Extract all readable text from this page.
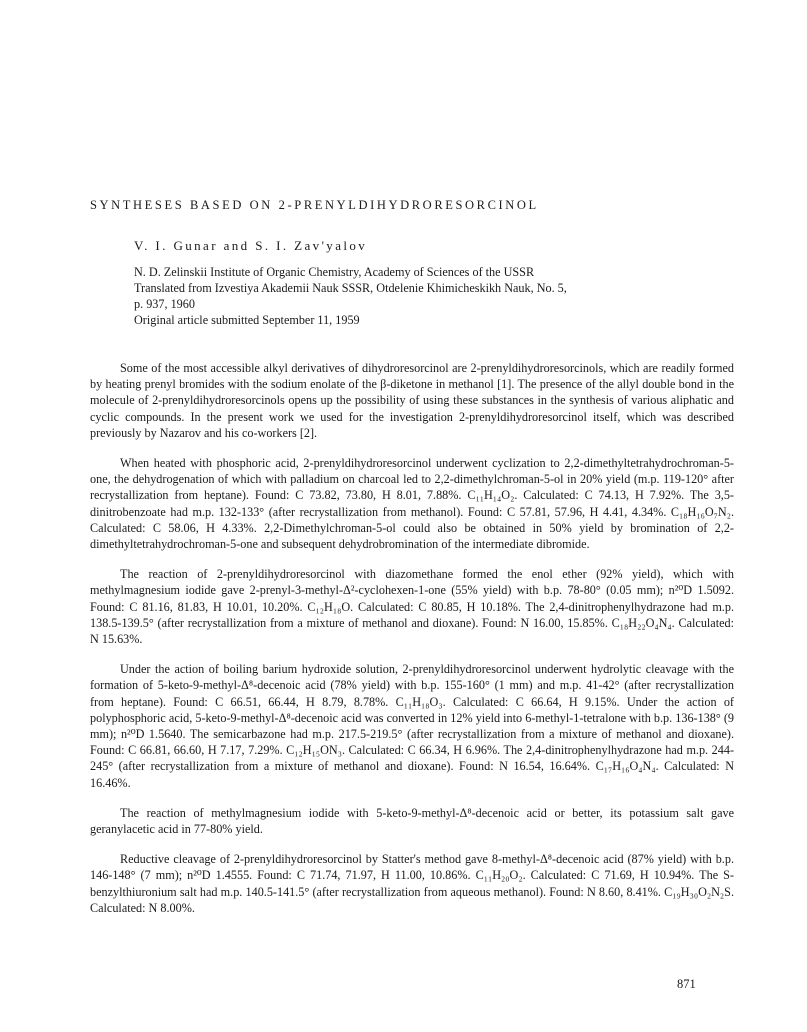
SYNTHESES BASED ON 2-PRENYLDIHYDRORESORCINOL
V. I. Gunar and S. I. Zav'yalov
N. D. Zelinskii Institute of Organic Chemistry, Academy of Sciences of the USSR
Translated from Izvestiya Akademii Nauk SSSR, Otdelenie Khimicheskikh Nauk, No. 5,
p. 937, 1960
Original article submitted September 11, 1959

Some of the most accessible alkyl derivatives of dihydroresorcinol are 2-prenyldihydroresorcinols, which are readily formed by heating prenyl bromides with the sodium enolate of the β-diketone in methanol [1]. The presence of the allyl double bond in the molecule of 2-prenyldihydroresorcinols opens up the possibility of using these substances in the synthesis of various aliphatic and cyclic compounds. In the present work we used for the investigation 2-prenyldihydroresorcinol itself, which was described previously by Nazarov and his co-workers [2].

When heated with phosphoric acid, 2-prenyldihydroresorcinol underwent cyclization to 2,2-dimethyltetrahydrochroman-5-one, the dehydrogenation of which with palladium on charcoal led to 2,2-dimethylchroman-5-ol in 20% yield (m.p. 119-120° after recrystallization from heptane). Found: C 73.82, 73.80, H 8.01, 7.88%. C₁₁H₁₄O₂. Calculated: C 74.13, H 7.92%. The 3,5-dinitrobenzoate had m.p. 132-133° (after recrystallization from methanol). Found: C 57.81, 57.96, H 4.41, 4.34%. C₁₈H₁₆O₇N₂. Calculated: C 58.06, H 4.33%. 2,2-Dimethylchroman-5-ol could also be obtained in 50% yield by bromination of 2,2-dimethyltetrahydrochroman-5-one and subsequent dehydrobromination of the intermediate dibromide.

The reaction of 2-prenyldihydroresorcinol with diazomethane formed the enol ether (92% yield), which with methylmagnesium iodide gave 2-prenyl-3-methyl-Δ²-cyclohexen-1-one (55% yield) with b.p. 78-80° (0.05 mm); n²⁰D 1.5092. Found: C 81.16, 81.83, H 10.01, 10.20%. C₁₂H₁₈O. Calculated: C 80.85, H 10.18%. The 2,4-dinitrophenylhydrazone had m.p. 138.5-139.5° (after recrystallization from a mixture of methanol and dioxane). Found: N 16.00, 15.85%. C₁₈H₂₂O₄N₄. Calculated: N 15.63%.

Under the action of boiling barium hydroxide solution, 2-prenyldihydroresorcinol underwent hydrolytic cleavage with the formation of 5-keto-9-methyl-Δ⁸-decenoic acid (78% yield) with b.p. 155-160° (1 mm) and m.p. 41-42° (after recrystallization from heptane). Found: C 66.51, 66.44, H 8.79, 8.78%. C₁₁H₁₈O₃. Calculated: C 66.64, H 9.15%. Under the action of polyphosphoric acid, 5-keto-9-methyl-Δ⁸-decenoic acid was converted in 12% yield into 6-methyl-1-tetralone with b.p. 136-138° (9 mm); n²⁰D 1.5640. The semicarbazone had m.p. 217.5-219.5° (after recrystallization from a mixture of methanol and dioxane). Found: C 66.81, 66.60, H 7.17, 7.29%. C₁₂H₁₅ON₃. Calculated: C 66.34, H 6.96%. The 2,4-dinitrophenylhydrazone had m.p. 244-245° (after recrystallization from a mixture of methanol and dioxane). Found: N 16.54, 16.64%. C₁₇H₁₆O₄N₄. Calculated: N 16.46%.

The reaction of methylmagnesium iodide with 5-keto-9-methyl-Δ⁸-decenoic acid or better, its potassium salt gave geranylacetic acid in 77-80% yield.

Reductive cleavage of 2-prenyldihydroresorcinol by Statter's method gave 8-methyl-Δ⁸-decenoic acid (87% yield) with b.p. 146-148° (7 mm); n²⁰D 1.4555. Found: C 71.74, 71.97, H 11.00, 10.86%. C₁₁H₂₀O₂. Calculated: C 71.69, H 10.94%. The S-benzylthiuronium salt had m.p. 140.5-141.5° (after recrystallization from aqueous methanol). Found: N 8.60, 8.41%. C₁₉H₃₀O₂N₂S. Calculated: N 8.00%.

871
